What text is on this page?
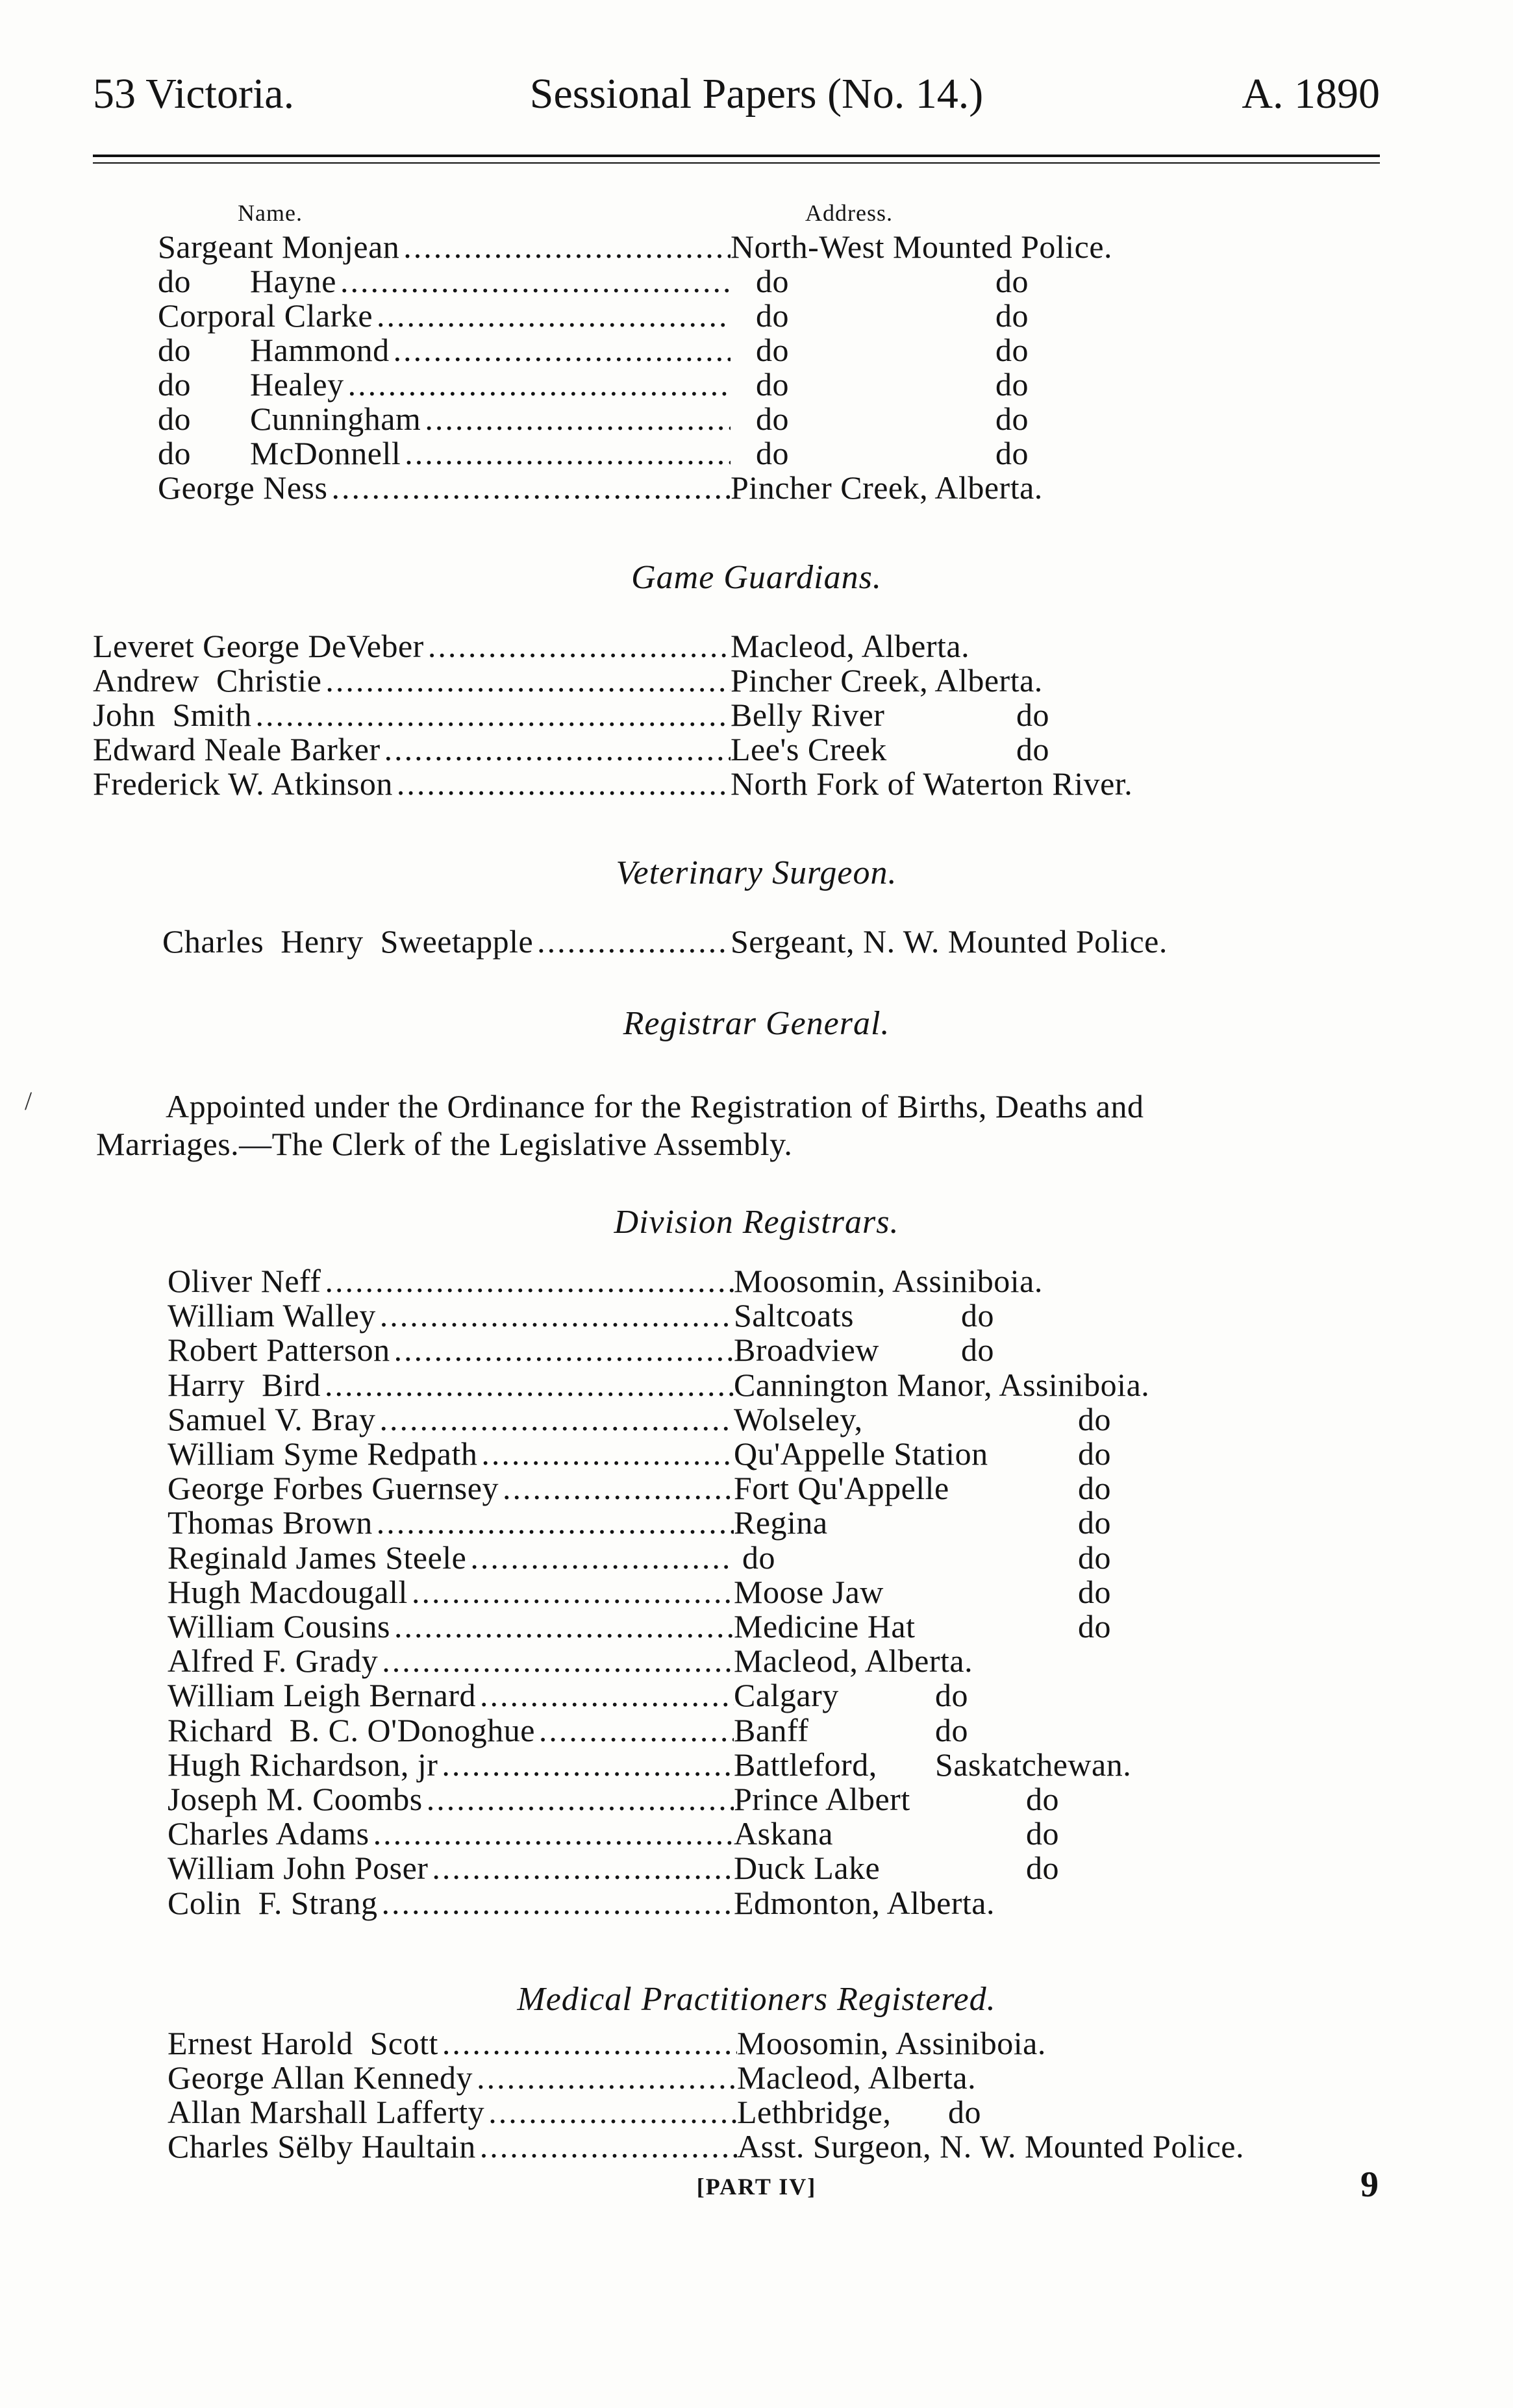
53 Victoria.	Sessional Papers (No. 14.)	A. 1890
Name.	Address.
Sargeant Monjean .....	North-West Mounted Police.
do       Hayne .....	do	do
Corporal Clarke .....	do	do
do       Hammond .....	do	do
do       Healey .....	do	do
do       Cunningham .....	do	do
do       McDonnell .....	do	do
George Ness .....	Pincher Creek, Alberta.
Game Guardians.
Leveret George DeVeber .....	Macleod, Alberta.
Andrew  Christie .....	Pincher Creek, Alberta.
John  Smith .....	Belly River	do
Edward Neale Barker .....	Lee's Creek	do
Frederick W. Atkinson .....	North Fork of Waterton River.
Veterinary Surgeon.
Charles  Henry  Sweetapple .....	Sergeant, N. W. Mounted Police.
Registrar General.
/	Appointed under the Ordinance for the Registration of Births, Deaths and
Marriages.—The Clerk of the Legislative Assembly.
Division Registrars.
Oliver Neff .....	Moosomin, Assiniboia.
William Walley .....	Saltcoats	do
Robert Patterson .....	Broadview	do
Harry  Bird .....	Cannington Manor, Assiniboia.
Samuel V. Bray .....	Wolseley,	do
William Syme Redpath .....	Qu'Appelle Station	do
George Forbes Guernsey .....	Fort Qu'Appelle	do
Thomas Brown .....	Regina	do
Reginald James Steele .....	do	do
Hugh Macdougall .....	Moose Jaw	do
William Cousins .....	Medicine Hat	do
Alfred F. Grady .....	Macleod, Alberta.
William Leigh Bernard .....	Calgary	do
Richard  B. C. O'Donoghue .....	Banff	do
Hugh Richardson, jr .....	Battleford, Saskatchewan.
Joseph M. Coombs .....	Prince Albert	do
Charles Adams .....	Askana	do
William John Poser .....	Duck Lake	do
Colin  F. Strang .....	Edmonton, Alberta.
Medical Practitioners Registered.
Ernest Harold  Scott .....	Moosomin, Assiniboia.
George Allan Kennedy .....	Macleod, Alberta.
Allan Marshall Lafferty .....	Lethbridge, do
Charles Sëlby Haultain .....	Asst. Surgeon, N. W. Mounted Police.
[PART IV]	9
